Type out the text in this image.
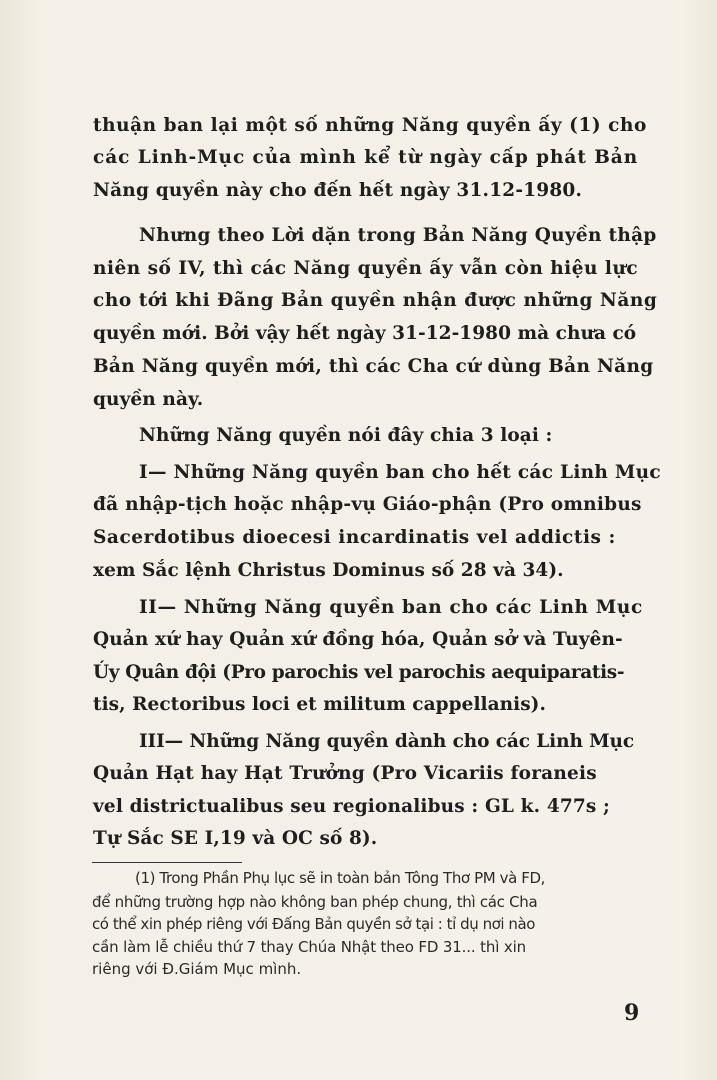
thuận ban lại một số những Năng quyền ấy (1) cho
các Linh-Mục của mình kể từ ngày cấp phát Bản
Năng quyền này cho đến hết ngày 31.12-1980.
Nhưng theo Lời dặn trong Bản Năng Quyền thập
niên số IV, thì các Năng quyền ấy vẫn còn hiệu lực
cho tới khi Đãng Bản quyền nhận được những Năng
quyền mới. Bởi vậy hết ngày 31-12-1980 mà chưa có
Bản Năng quyền mới, thì các Cha cứ dùng Bản Năng
quyền này.
Những Năng quyền nói đây chia 3 loại :
I— Những Năng quyền ban cho hết các Linh Mục
đã nhập-tịch hoặc nhập-vụ Giáo-phận (Pro omnibus
Sacerdotibus dioecesi incardinatis vel addictis :
xem Sắc lệnh Christus Dominus số 28 và 34).
II— Những Năng quyền ban cho các Linh Mục
Quản xứ hay Quản xứ đồng hóa, Quản sở và Tuyên-
Úy Quân đội (Pro parochis vel parochis aequiparatis-
tis, Rectoribus loci et militum cappellanis).
III— Những Năng quyền dành cho các Linh Mục
Quản Hạt hay Hạt Trưởng (Pro Vicariis foraneis
vel districtualibus seu regionalibus : GL k. 477s ;
Tự Sắc SE I,19 và OC số 8).
(1) Trong Phần Phụ lục sẽ in toàn bản Tông Thơ PM và FD,
để những trường hợp nào không ban phép chung, thì các Cha
có thể xin phép riêng với Đấng Bản quyền sở tại : tỉ dụ nơi nào
cần làm lễ chiều thứ 7 thay Chúa Nhật theo FD 31... thì xin
riêng với Đ.Giám Mục mình.
9
